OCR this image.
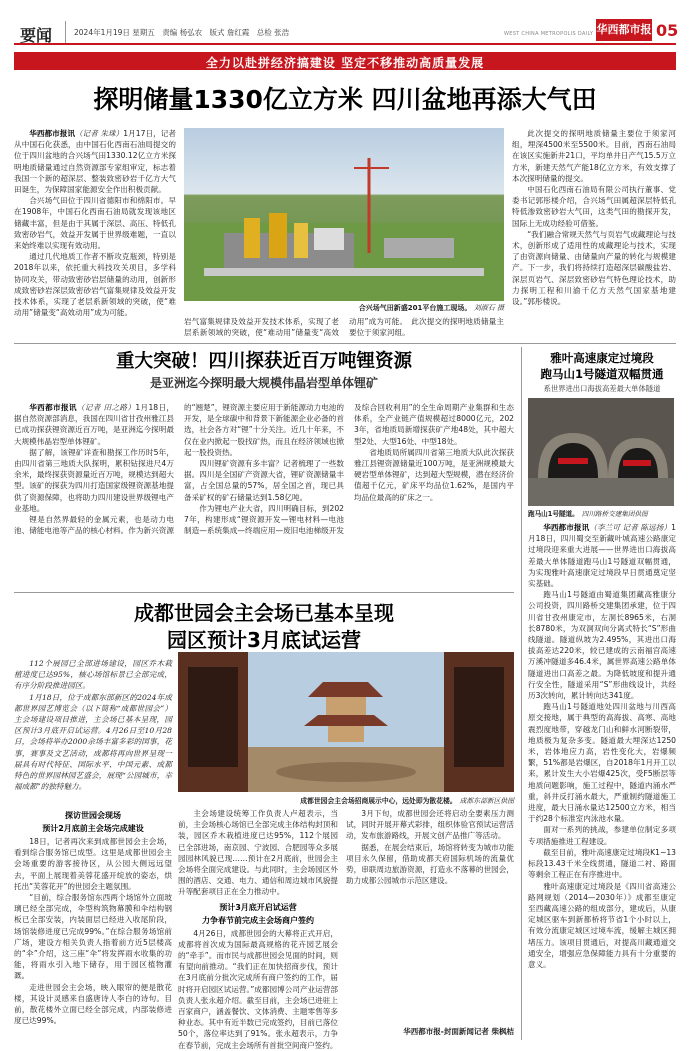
要闻	2024年1月19日 星期五 责编 杨弘农 版式 詹红霞 总检 张浩	WEST CHINA METROPOLIS DAILY 华西都市报 05
全力以赴拼经济搞建设 坚定不移推动高质量发展
探明储量1330亿立方米 四川盆地再添大气田

华西都市报讯（记者 朱珠）1月17日，记者从中国石化获悉，由中国石化西南石油局提交的位于四川盆地的合兴场气田1330.12亿立方米探明地质储量通过自然资源部专家组审定，标志着我国一个新的超深层、整装致密砂岩千亿方大气田诞生，为保障国家能源安全作出积极贡献。

合兴场气田位于四川省德阳市和绵阳市。早在1908年，中国石化西南石油局就发现该地区储藏丰富，但是由于其属于深层、高压、特低孔致密砂岩气，效益开发属于世界级难题，一直以来始终难以实现有效动用。

通过几代地质工作者不断攻克瓶颈，特别是2018年以来，依托重大科技攻关项目，多学科协同攻关，带动致密砂岩层储量的动用，创新形成致密砂岩深层致密砂岩气富集规律及效益开发技术体系，实现了老层系新领域的突破，使“难动用”储量变“高效动用”成为可能。

合兴场气田新盛201平台施工现场。 刘淑石 摄
岩气富集规律及效益开发技术体系，实现了老层系新领域的突破，使“难动用”储量变“高效动用”成为可能。　此次提交的探明地质储量主要位于须家河组。

此次提交的探明地质储量主要位于须家河组，埋深4500米至5500米。目前，西南石油局在该区实施新井21口，平均单井日产气15.5万立方米，新建天然气产能18亿立方米，有效支撑了本次探明储量的提交。

中国石化西南石油局有限公司执行董事、党委书记郭彤楼介绍，合兴场气田属超深层特低孔特低渗致密砂岩大气田，这类气田的勘探开发，国际上无成功经验可借鉴。

“我们融合常规天然气与页岩气成藏理论与技术，创新形成了适用性的成藏理论与技术，实现了由资源向储量、由储量向产量的转化与规模建产。下一步，我们将持续打造超深层碳酸盐岩、深层页岩气、深层致密砂岩气特色理论技术，助力探明工程和川渝千亿方天然气国家基地建设。”郭彤楼说。

重大突破！四川探获近百万吨锂资源
是亚洲迄今探明最大规模伟晶岩型单体锂矿

华西都市报讯（记者 田之路）1月18日，据自然资源部消息，我国在四川省甘孜州雅江县已成功探获锂资源近百万吨，是亚洲迄今探明最大规模伟晶岩型单体锂矿。

据了解，该锂矿详查和勘探工作历时5年，由四川省第三地质大队探明，累积钻探进尺4万余米，最终探获资源量近百万吨，规模达到超大型。该矿的探获为四川打造国家级锂资源基地提供了资源保障，也将助力四川建设世界级锂电产业基地。

锂是自然界最轻的金属元素，也是动力电池、储能电池等产品的核心材料。作为新兴资源的“翘楚”，锂资源主要应用于新能源动力电池的开发，是全球碳中和背景下新能源企业必备的首选，社会各方对“锂”十分关注。近几十年来，不仅在业内掀起一股找矿热，而且在经济领域也掀起一股投资热。

四川锂矿资源有多丰富？记者梳理了一些数据。四川是全国矿产资源大省，锂矿资源储量丰富，占全国总量的57%，居全国之首，现已具备采矿权的矿石储量达到1.58亿吨。

作为锂电产业大省，四川明确目标，到2027年，构建形成“锂资源开发—锂电材料—电池制造—系统集成—终端应用—废旧电池梯级开发及综合回收利用”的全生命周期产业集群和生态体系，全产业链产值规模超过8000亿元，2023年，省地质局新增探获矿产地48处，其中超大型2处、大型16处、中型18处。

省地质局所属四川省第三地质大队此次探获雅江县锂资源储量近100万吨，是亚洲规模最大硬岩型单体锂矿，达到超大型规模，潜在经济价值超千亿元，矿床平均品位1.62%，是国内平均品位最高的矿床之一。

雅叶高速康定过境段
跑马山1号隧道双幅贯通
系世界进出口海拔高差最大单体隧道
跑马山1号隧道。 四川路桥交建集团供图

华西都市报讯（李兰可 记者 陈远扬）1月18日，四川蜀交至新藏叶城高速公路康定过境段迎来重大进展——世界进出口海拔高差最大单体隧道跑马山1号隧道双幅贯通，为实现雅叶高速康定过境段早日贯通奠定坚实基础。

跑马山1号隧道由蜀道集团藏高雅康分公司投资，四川路桥交建集团承建，位于四川省甘孜州康定市，左洞长8965米，右洞长8780米，为双洞双向分离式特长“S”形曲线隧道。隧道纵坡为2.495%，其进出口海拔高差达220米，较已建成的云南福宫高速万溪冲隧道多46.4米，属世界高速公路单体隧道进出口高差之最。为降低坡度和提升通行安全性，隧道采用“S”形曲线设计，共经历3次转向，累计转向达341度。

跑马山1号隧道地处四川盆地与川西高原交接地，属于典型的高海拔、高寒、高地震烈度地带，穿越龙门山和鲜水河断裂带，地质极为复杂多变。隧道最大埋深达1250米，岩体地应力高，岩性变化大，岩爆频繁，51%都是岩爆区，自2018年1月开工以来，累计发生大小岩爆425次，受F5断层等地质问题影响，施工过程中，隧道内涌水严重，斜井反打涌水最大，严重制约隧道施工进度，最大日涌水量达12500立方米，相当于约28个标准室内泳池水量。

面对一系列的挑战，参建单位制定多项专项措施推进工程建设。

截至目前，雅叶高速康定过境段K1~13标段13.43千米全线贯通，隧道二衬、路面等剩余工程正在有序推进中。

雅叶高速康定过境段是《四川省高速公路网规划（2014—2030年）》成都至康定至西藏高速公路的组成部分，建成后，从康定城区驱车到新都桥将节省1个小时以上，有效分流康定城区过境车流，缓解主城区拥堵压力。该项目贯通后，对提高川藏通道交通安全，增强应急保障能力具有十分重要的意义。

成都世园会主会场已基本呈现
园区预计3月底试运营

112个展园已全部进场建设，园区乔木栽植进度已达95%，核心场馆标景已全部完成，有序分阶段推进园区。

1月18日，位于成都东部新区的2024年成都世界园艺博览会（以下简称“成都世园会”）主会场建设项目推进，主会场已基本呈现，园区预计3月底开启试运营。4月26日至10月28日，会场将举办2000余场丰富多彩的国事，花事，赛事及文艺活动，成都将再向世界呈现一届具有时代特征、国际水平、中国元素、成都特色的世界园林园艺盛会，展现“公园城市，幸福成都”的独特魅力。

成都世园会主会场招商展示中心，远处即为散花楼。 成都东部新区供图
探访世园会现场
预计2月底前主会场完成建设

18日，记者再次来到成都世园会主会场，看到综合服务馆已成型。这里是成都世园会主会场重要的游客接待区，从公园大侧远远望去，平面上展现着美蓉花盛开绽放的姿态，烘托出“芙蓉花开”的世园会主题氛围。

“目前，综合服务馆东西两个场馆外立面玻璃已经全部完成，伞型构筑物幕膜和伞结构钢板已全部安装，内装面层已经进入收尾阶段，场馆装修进度已完成99%。”在综合服务场馆前广场，建设方相关负责人指着前方近5层楼高的“伞”介绍，这三座“伞”将发挥雨水收集的功能，将雨水引入地下储存，用于园区植物灌溉。

走进世园会主会场，映入眼帘的便是散花楼，其设计灵感来自盛唐诗人李白的诗句。目前，散花楼外立面已经全部完成，内部装修进度已达99%。

主会场建设统筹工作负责人卢超表示，当前，主会场核心场馆已全部完成主体结构封顶和装，园区乔木栽植进度已达95%，112个展园已全部进场，南京园、宁波园、合肥园等众多展园园林风貌已现……预计在2月底前，世园会主会场将全面完成建设。与此同时，主会场园区外围的酒店、交通、电力、通信和周边城市风貌提升等配套项目正在全力推动中。

预计3月底开启试运营
力争春节前完成主会场商户签约

4月26日，成都世园会的大幕将正式开启，成都将首次成为国际最高规格的花卉园艺展会的“牵手”。而市民与成都世园会见面的时间，则有望向前推动。“我们正在加快招商步伐，预计在3月底前分批次完成所有商户签约的工作，届时将开启园区试运营。”成都园博公司产业运营部负责人张永超介绍。截至目前，主会场已进驻上百家商户，涵盖餐饮、文体消费、主题零售等多种业态。其中有近半数已完成签约，目前已落位50个，落位率达到了91%。张永超表示，力争在春节前，完成主会场所有首批空间商户签约。

3月下旬，成都世园会还将启动全要素压力测试，同时开展开幕式彩排，组织体验官预试运营活动，发布旅游路线，开展文创产品推广等活动。

据悉，在展会结束后，场馆将转变为城市功能项目永久保留，借助成都天府国际机场的流量优势，串联周边旅游资源，打造永不落幕的世园会，助力成都公园城市示范区建设。

华西都市报-封面新闻记者 柴枫桔
